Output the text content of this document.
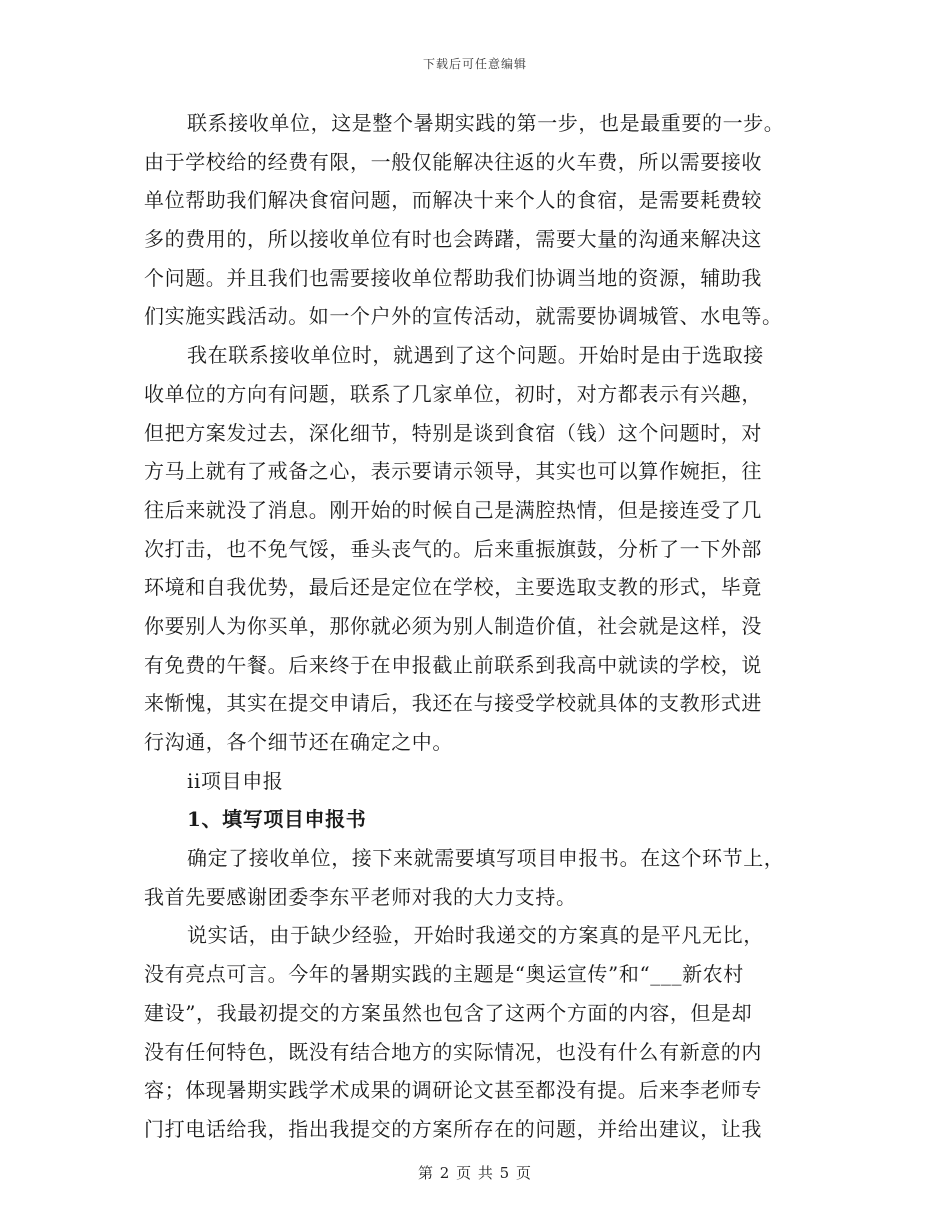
下载后可任意编辑
联系接收单位，这是整个暑期实践的第一步，也是最重要的一步。
由于学校给的经费有限，一般仅能解决往返的火车费，所以需要接收
单位帮助我们解决食宿问题，而解决十来个人的食宿，是需要耗费较
多的费用的，所以接收单位有时也会踌躇，需要大量的沟通来解决这
个问题。并且我们也需要接收单位帮助我们协调当地的资源，辅助我
们实施实践活动。如一个户外的宣传活动，就需要协调城管、水电等。
我在联系接收单位时，就遇到了这个问题。开始时是由于选取接
收单位的方向有问题，联系了几家单位，初时，对方都表示有兴趣，
但把方案发过去，深化细节，特别是谈到食宿（钱）这个问题时，对
方马上就有了戒备之心，表示要请示领导，其实也可以算作婉拒，往
往后来就没了消息。刚开始的时候自己是满腔热情，但是接连受了几
次打击，也不免气馁，垂头丧气的。后来重振旗鼓，分析了一下外部
环境和自我优势，最后还是定位在学校，主要选取支教的形式，毕竟
你要别人为你买单，那你就必须为别人制造价值，社会就是这样，没
有免费的午餐。后来终于在申报截止前联系到我高中就读的学校，说
来惭愧，其实在提交申请后，我还在与接受学校就具体的支教形式进
行沟通，各个细节还在确定之中。
ii项目申报
1、填写项目申报书
确定了接收单位，接下来就需要填写项目申报书。在这个环节上，
我首先要感谢团委李东平老师对我的大力支持。
说实话，由于缺少经验，开始时我递交的方案真的是平凡无比，
没有亮点可言。今年的暑期实践的主题是“奥运宣传”和“___新农村
建设”，我最初提交的方案虽然也包含了这两个方面的内容，但是却
没有任何特色，既没有结合地方的实际情况，也没有什么有新意的内
容；体现暑期实践学术成果的调研论文甚至都没有提。后来李老师专
门打电话给我，指出我提交的方案所存在的问题，并给出建议，让我
第 2 页 共 5 页
